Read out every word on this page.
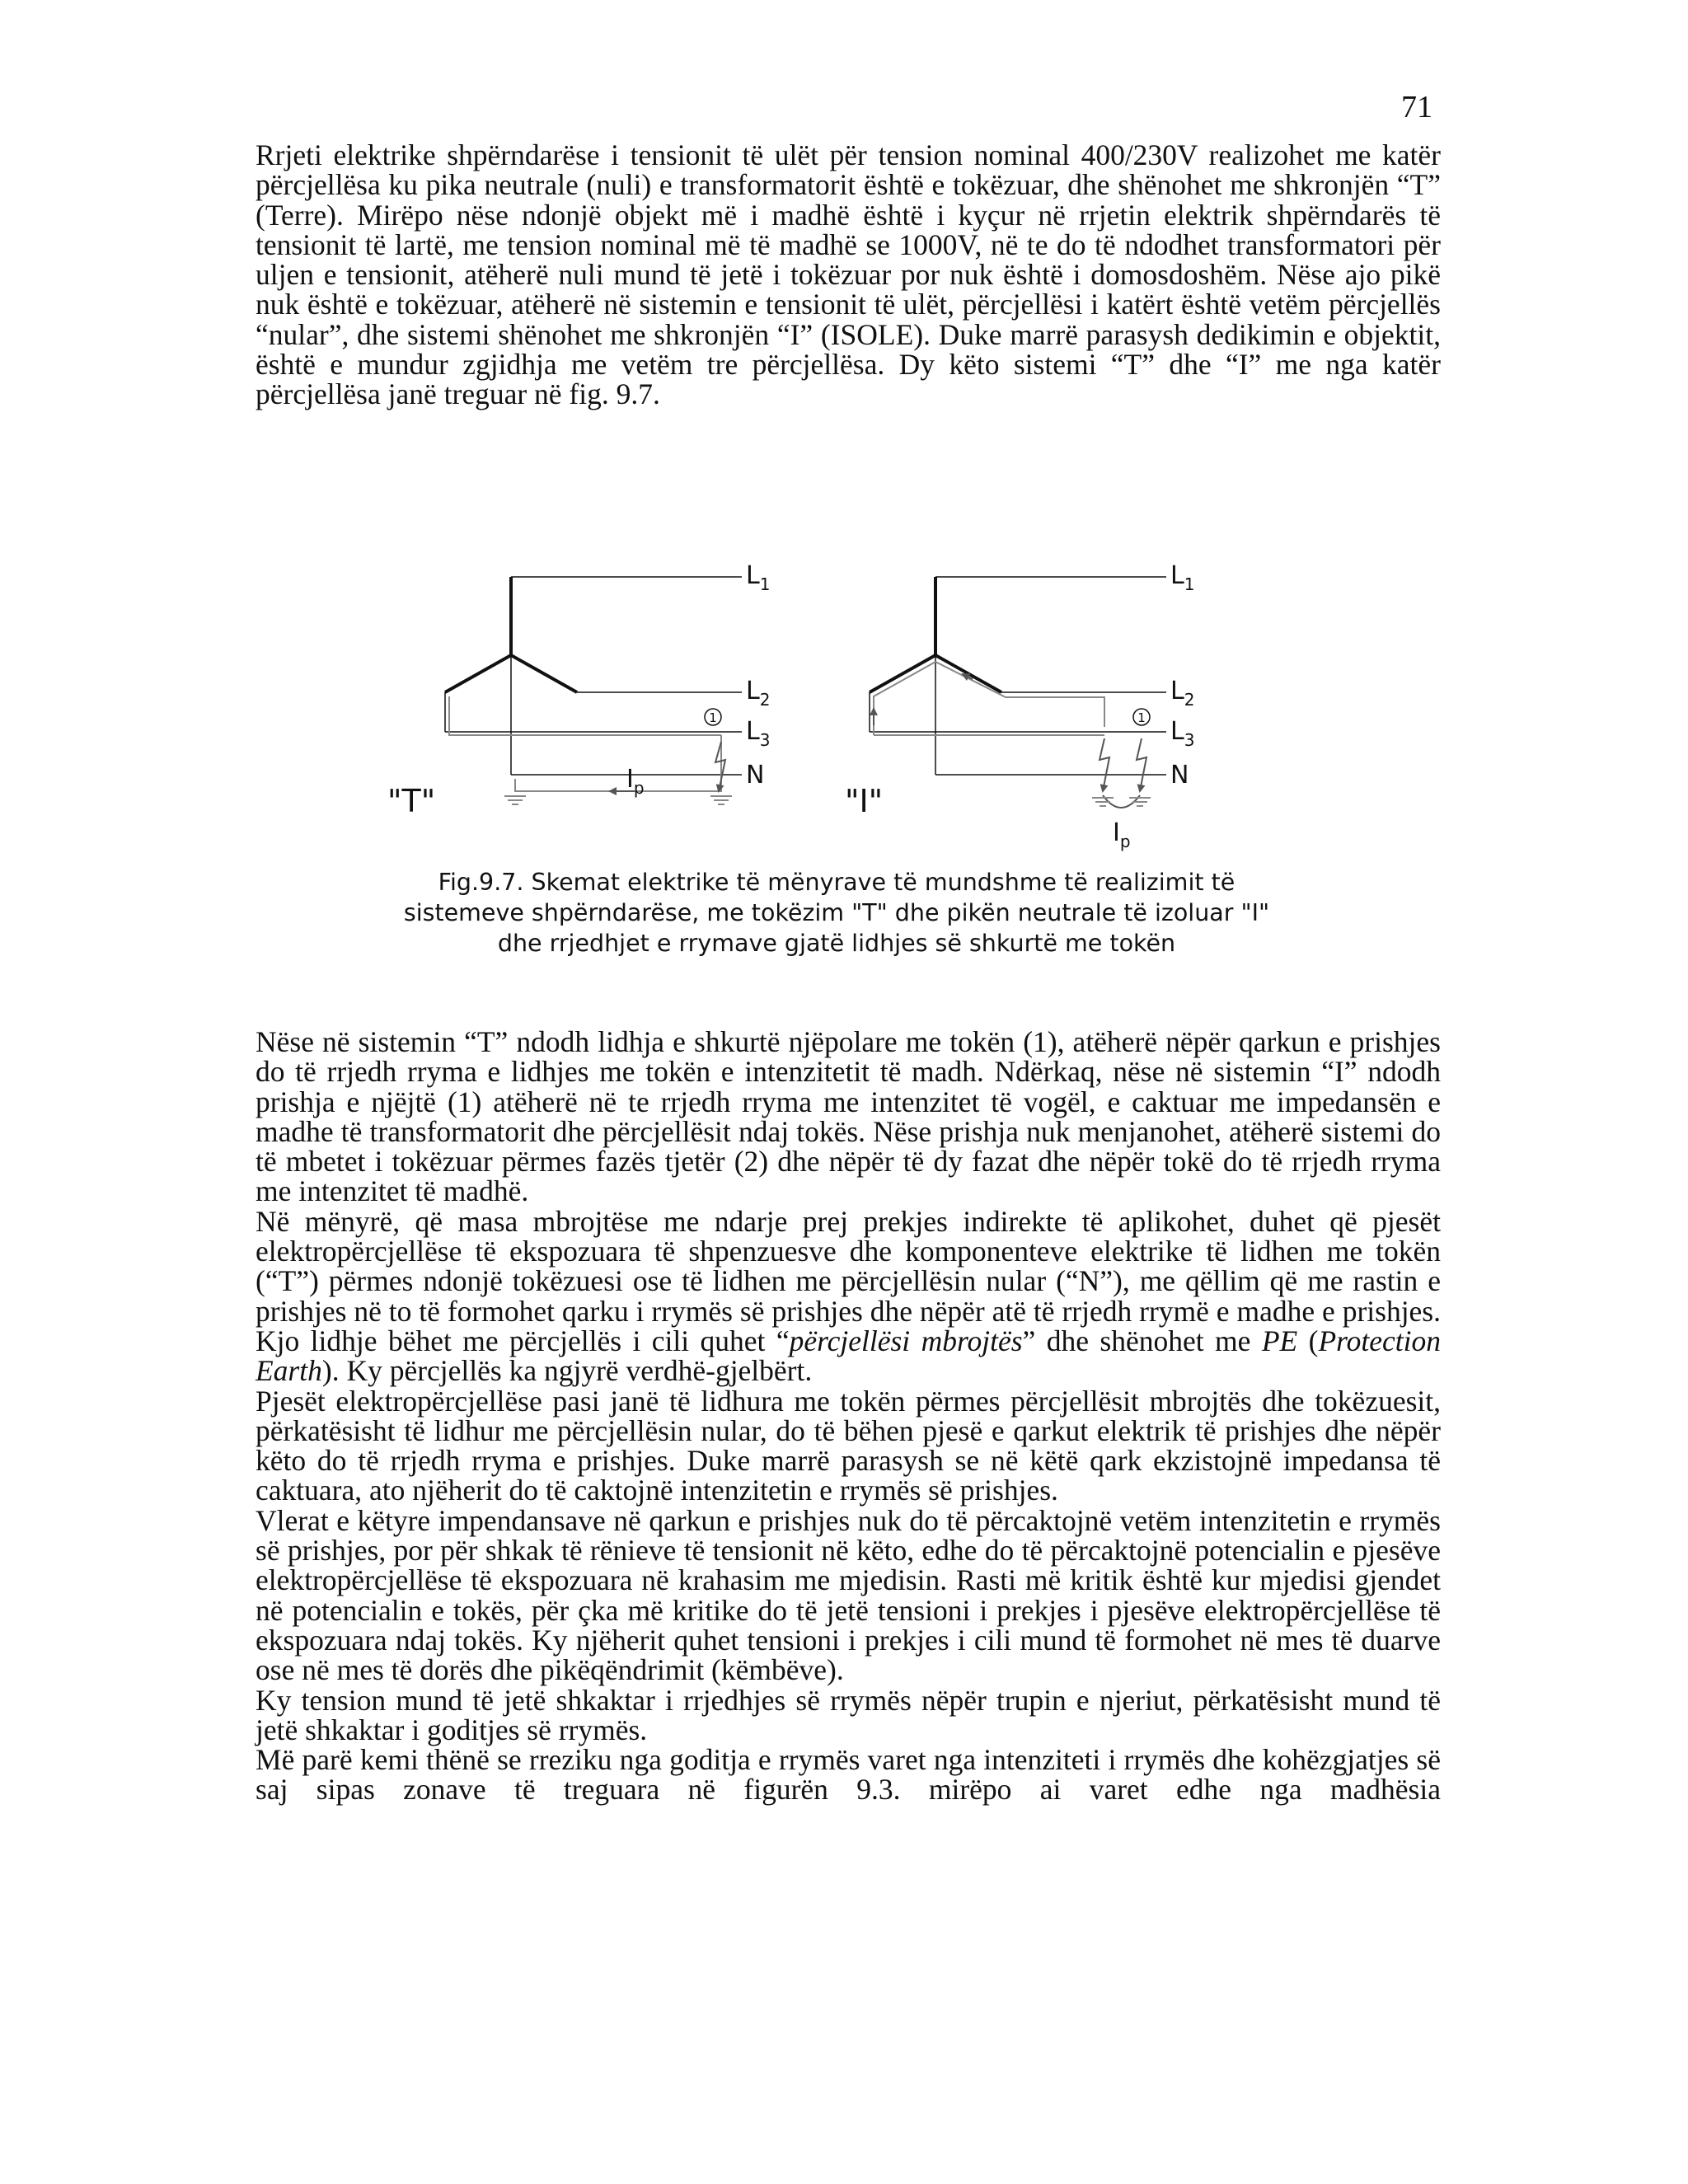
71

Rrjeti elektrike shpërndarëse i tensionit të ulët për tension nominal 400/230V realizohet me katër përcjellësa ku pika neutrale (nuli) e transformatorit është e tokëzuar, dhe shënohet me shkronjën “T” (Terre). Mirëpo nëse ndonjë objekt më i madhë është i kyçur në rrjetin elektrik shpërndarës të tensionit të lartë, me tension nominal më të madhë se 1000V, në te do të ndodhet transformatori për uljen e tensionit, atëherë nuli mund të jetë i tokëzuar por nuk është i domosdoshëm. Nëse ajo pikë nuk është e tokëzuar, atëherë në sistemin e tensionit të ulët, përcjellësi i katërt është vetëm përcjellës “nular”, dhe sistemi shënohet me shkronjën “I” (ISOLE). Duke marrë parasysh dedikimin e objektit, është e mundur zgjidhja me vetëm tre përcjellësa. Dy këto sistemi “T” dhe “I” me nga katër përcjellësa janë treguar në fig. 9.7.

1
$L_1$
$L_2$
$L_3$
N
$I_p$
"T"
1
$L_1$
$L_2$
$L_3$
N
$I_p$
"I"
Fig.9.7. Skemat elektrike të mënyrave të mundshme të realizimit të
sistemeve shpërndarëse, me tokëzim "T" dhe pikën neutrale të izoluar "I"
dhe rrjedhjet e rrymave gjatë lidhjes së shkurtë me tokën

Nëse në sistemin “T” ndodh lidhja e shkurtë njëpolare me tokën (1), atëherë nëpër qarkun e prishjes do të rrjedh rryma e lidhjes me tokën e intenzitetit të madh. Ndërkaq, nëse në sistemin “I” ndodh prishja e njëjtë (1) atëherë në te rrjedh rryma me intenzitet të vogël, e caktuar me impedansën e madhe të transformatorit dhe përcjellësit ndaj tokës. Nëse prishja nuk menjanohet, atëherë sistemi do të mbetet i tokëzuar përmes fazës tjetër (2) dhe nëpër të dy fazat dhe nëpër tokë do të rrjedh rryma me intenzitet të madhë.

Në mënyrë, që masa mbrojtëse me ndarje prej prekjes indirekte të aplikohet, duhet që pjesët elektropërcjellëse të ekspozuara të shpenzuesve dhe komponenteve elektrike të lidhen me tokën (“T”) përmes ndonjë tokëzuesi ose të lidhen me përcjellësin nular (“N”), me qëllim që me rastin e prishjes në to të formohet qarku i rrymës së prishjes dhe nëpër atë të rrjedh rrymë e madhe e prishjes. Kjo lidhje bëhet me përcjellës i cili quhet “përcjellësi mbrojtës” dhe shënohet me PE (Protection Earth). Ky përcjellës ka ngjyrë verdhë-gjelbërt.

Pjesët elektropërcjellëse pasi janë të lidhura me tokën përmes përcjellësit mbrojtës dhe tokëzuesit, përkatësisht të lidhur me përcjellësin nular, do të bëhen pjesë e qarkut elektrik të prishjes dhe nëpër këto do të rrjedh rryma e prishjes. Duke marrë parasysh se në këtë qark ekzistojnë impedansa të caktuara, ato njëherit do të caktojnë intenzitetin e rrymës së prishjes.

Vlerat e këtyre impendansave në qarkun e prishjes nuk do të përcaktojnë vetëm intenzitetin e rrymës së prishjes, por për shkak të rënieve të tensionit në këto, edhe do të përcaktojnë potencialin e pjesëve elektropërcjellëse të ekspozuara në krahasim me mjedisin. Rasti më kritik është kur mjedisi gjendet në potencialin e tokës, për çka më kritike do të jetë tensioni i prekjes i pjesëve elektropërcjellëse të ekspozuara ndaj tokës. Ky njëherit quhet tensioni i prekjes i cili mund të formohet në mes të duarve ose në mes të dorës dhe pikëqëndrimit (këmbëve).

Ky tension mund të jetë shkaktar i rrjedhjes së rrymës nëpër trupin e njeriut, përkatësisht mund të jetë shkaktar i goditjes së rrymës.

Më parë kemi thënë se rreziku nga goditja e rrymës varet nga intenziteti i rrymës dhe kohëzgjatjes së saj sipas zonave të treguara në figurën 9.3. mirëpo ai varet edhe nga madhësia
